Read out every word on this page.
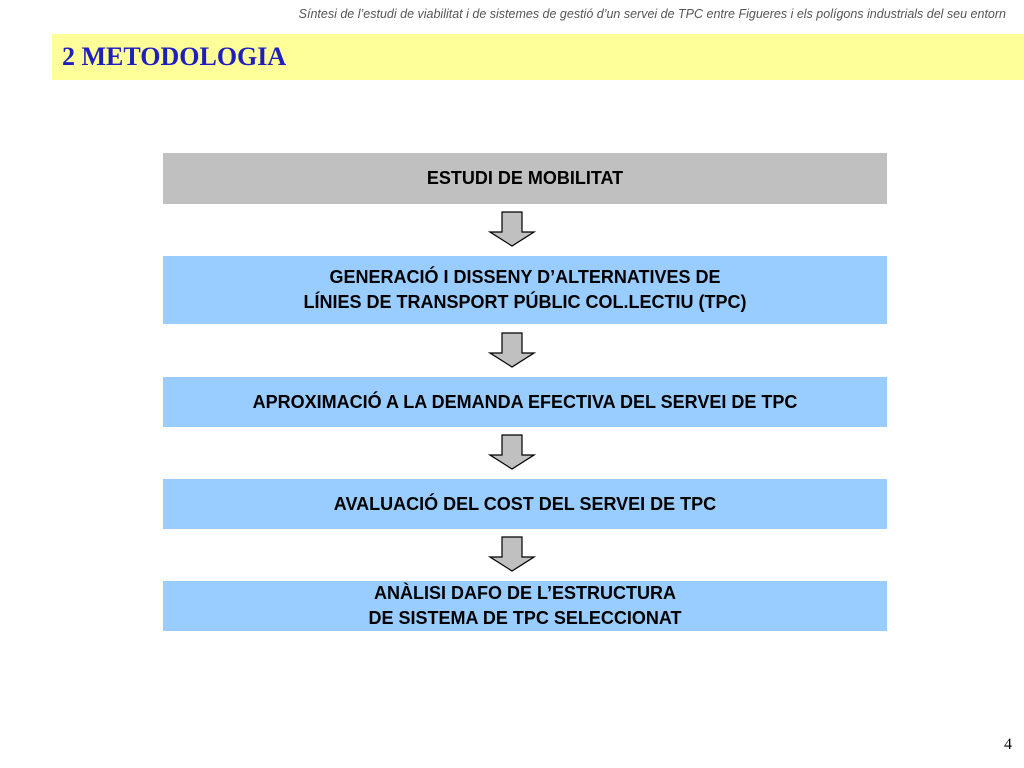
Síntesi de l’estudi de viabilitat i de sistemes de gestió d’un servei de TPC entre Figueres i els polígons industrials del seu entorn
2 METODOLOGIA
ESTUDI DE MOBILITAT
GENERACIÓ I DISSENY D’ALTERNATIVES DE
LÍNIES DE TRANSPORT PÚBLIC COL.LECTIU (TPC)
APROXIMACIÓ A LA DEMANDA EFECTIVA DEL SERVEI DE TPC
AVALUACIÓ DEL COST DEL SERVEI DE TPC
ANÀLISI DAFO DE L’ESTRUCTURA
DE SISTEMA DE TPC SELECCIONAT
4
